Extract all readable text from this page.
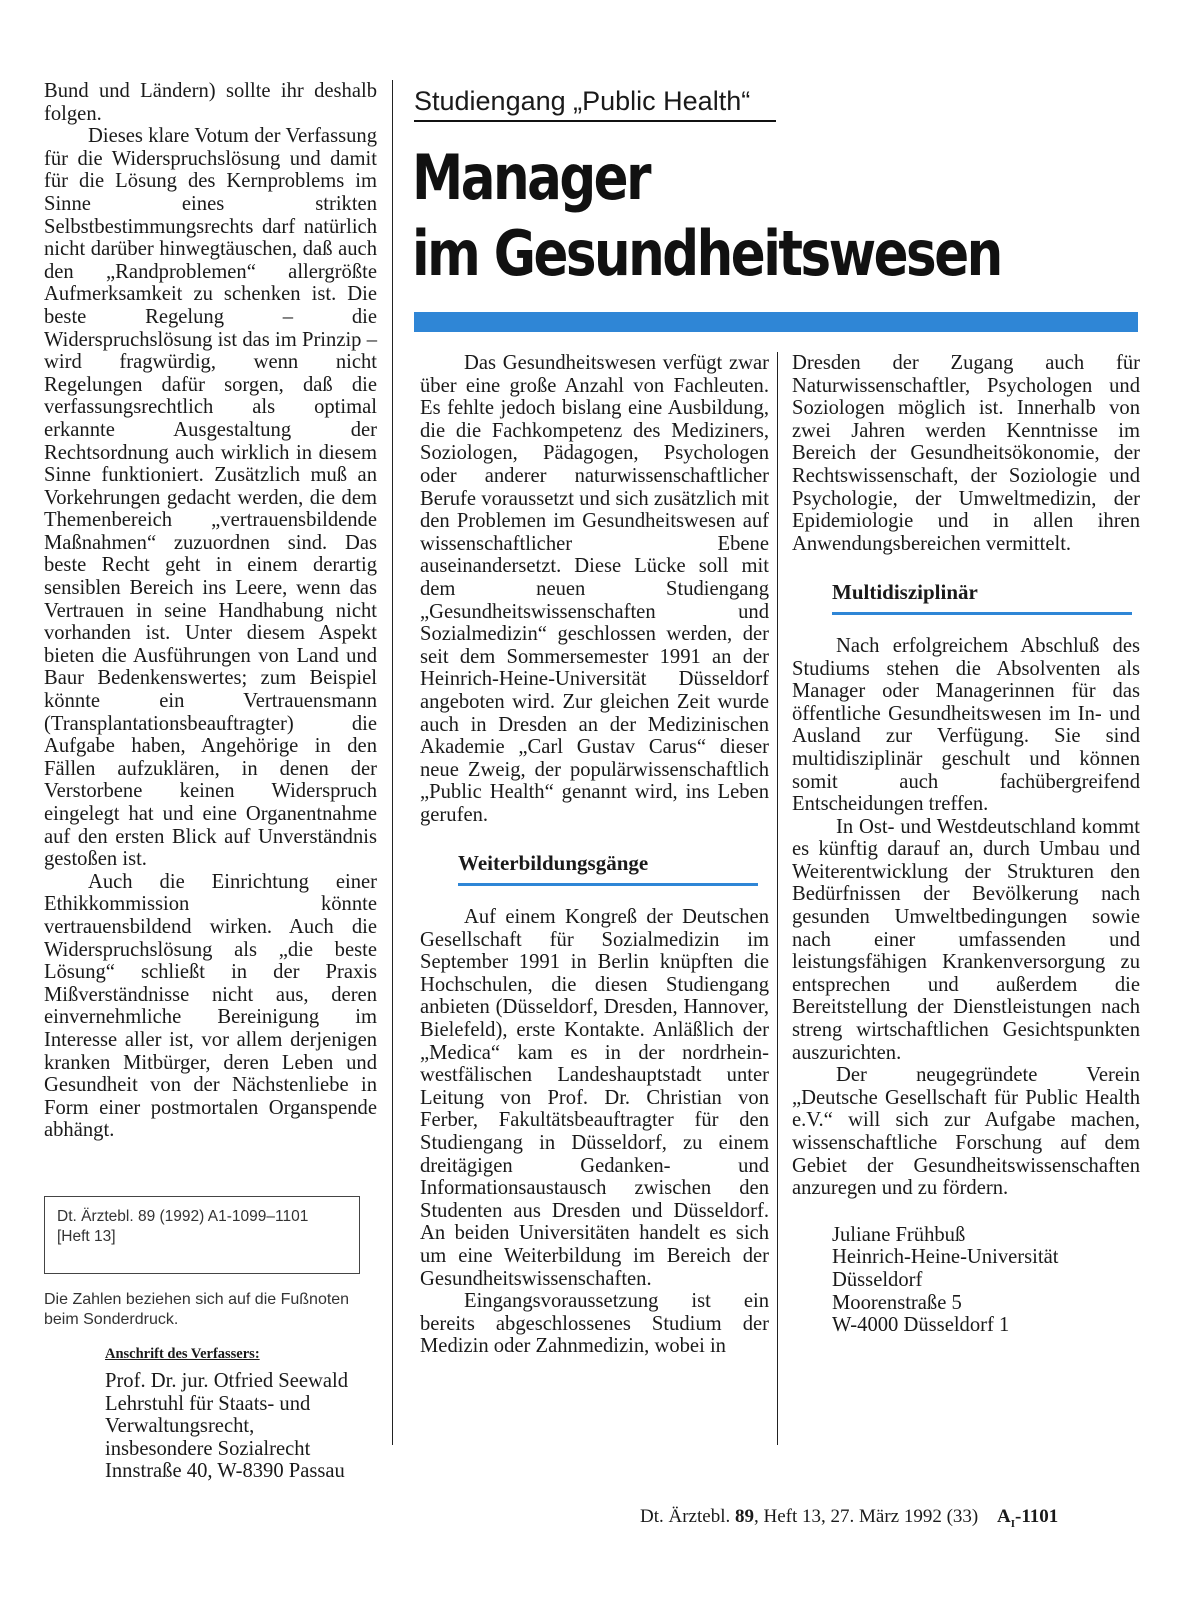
Bund und Ländern) sollte ihr deshalb folgen.

Dieses klare Votum der Verfassung für die Widerspruchslösung und damit für die Lösung des Kernproblems im Sinne eines strikten Selbstbestimmungsrechts darf natürlich nicht darüber hinwegtäuschen, daß auch den „Randproblemen“ allergrößte Aufmerksamkeit zu schenken ist. Die beste Regelung – die Widerspruchslösung ist das im Prinzip – wird fragwürdig, wenn nicht Regelungen dafür sorgen, daß die verfassungsrechtlich als optimal erkannte Ausgestaltung der Rechtsordnung auch wirklich in diesem Sinne funktioniert. Zusätzlich muß an Vorkehrungen gedacht werden, die dem Themenbereich „vertrauensbildende Maßnahmen“ zuzuordnen sind. Das beste Recht geht in einem derartig sensiblen Bereich ins Leere, wenn das Vertrauen in seine Handhabung nicht vorhanden ist. Unter diesem Aspekt bieten die Ausführungen von Land und Baur Bedenkenswertes; zum Beispiel könnte ein Vertrauensmann (Transplantationsbeauftragter) die Aufgabe haben, Angehörige in den Fällen aufzuklären, in denen der Verstorbene keinen Widerspruch eingelegt hat und eine Organentnahme auf den ersten Blick auf Unverständnis gestoßen ist.

Auch die Einrichtung einer Ethikkommission könnte vertrauensbildend wirken. Auch die Widerspruchslösung als „die beste Lösung“ schließt in der Praxis Mißverständnisse nicht aus, deren einvernehmliche Bereinigung im Interesse aller ist, vor allem derjenigen kranken Mitbürger, deren Leben und Gesundheit von der Nächstenliebe in Form einer postmortalen Organspende abhängt.

Dt. Ärztebl. 89 (1992) A1-1099–1101
[Heft 13]
Die Zahlen beziehen sich auf die Fußnoten beim Sonderdruck.
Anschrift des Verfassers:
Prof. Dr. jur. Otfried Seewald
Lehrstuhl für Staats- und
Verwaltungsrecht,
insbesondere Sozialrecht
Innstraße 40, W-8390 Passau
Studiengang „Public Health“
Manager
im Gesundheitswesen

Das Gesundheitswesen verfügt zwar über eine große Anzahl von Fachleuten. Es fehlte jedoch bislang eine Ausbildung, die die Fachkompetenz des Mediziners, Soziologen, Pädagogen, Psychologen oder anderer naturwissenschaftlicher Berufe voraussetzt und sich zusätzlich mit den Problemen im Gesundheitswesen auf wissenschaftlicher Ebene auseinandersetzt. Diese Lücke soll mit dem neuen Studiengang „Gesundheitswissenschaften und Sozialmedizin“ geschlossen werden, der seit dem Sommersemester 1991 an der Heinrich-Heine-Universität Düsseldorf angeboten wird. Zur gleichen Zeit wurde auch in Dresden an der Medizinischen Akademie „Carl Gustav Carus“ dieser neue Zweig, der populärwissenschaftlich „Public Health“ genannt wird, ins Leben gerufen.

Weiterbildungsgänge

Auf einem Kongreß der Deutschen Gesellschaft für Sozialmedizin im September 1991 in Berlin knüpften die Hochschulen, die diesen Studiengang anbieten (Düsseldorf, Dresden, Hannover, Bielefeld), erste Kontakte. Anläßlich der „Medica“ kam es in der nordrhein-westfälischen Landeshauptstadt unter Leitung von Prof. Dr. Christian von Ferber, Fakultätsbeauftragter für den Studiengang in Düsseldorf, zu einem dreitägigen Gedanken- und Informationsaustausch zwischen den Studenten aus Dresden und Düsseldorf. An beiden Universitäten handelt es sich um eine Weiterbildung im Bereich der Gesundheitswissenschaften.

Eingangsvoraussetzung ist ein bereits abgeschlossenes Studium der Medizin oder Zahnmedizin, wobei in

Dresden der Zugang auch für Naturwissenschaftler, Psychologen und Soziologen möglich ist. Innerhalb von zwei Jahren werden Kenntnisse im Bereich der Gesundheitsökonomie, der Rechtswissenschaft, der Soziologie und Psychologie, der Umweltmedizin, der Epidemiologie und in allen ihren Anwendungsbereichen vermittelt.

Multidisziplinär

Nach erfolgreichem Abschluß des Studiums stehen die Absolventen als Manager oder Managerinnen für das öffentliche Gesundheitswesen im In- und Ausland zur Verfügung. Sie sind multidisziplinär geschult und können somit auch fachübergreifend Entscheidungen treffen.

In Ost- und Westdeutschland kommt es künftig darauf an, durch Umbau und Weiterentwicklung der Strukturen den Bedürfnissen der Bevölkerung nach gesunden Umweltbedingungen sowie nach einer umfassenden und leistungsfähigen Krankenversorgung zu entsprechen und außerdem die Bereitstellung der Dienstleistungen nach streng wirtschaftlichen Gesichtspunkten auszurichten.

Der neugegründete Verein „Deutsche Gesellschaft für Public Health e.V.“ will sich zur Aufgabe machen, wissenschaftliche Forschung auf dem Gebiet der Gesundheitswissenschaften anzuregen und zu fördern.

Juliane Frühbuß
Heinrich-Heine-Universität
Düsseldorf
Moorenstraße 5
W-4000 Düsseldorf 1
Dt. Ärztebl. 89, Heft 13, 27. März 1992 (33) $A_I-1101$
